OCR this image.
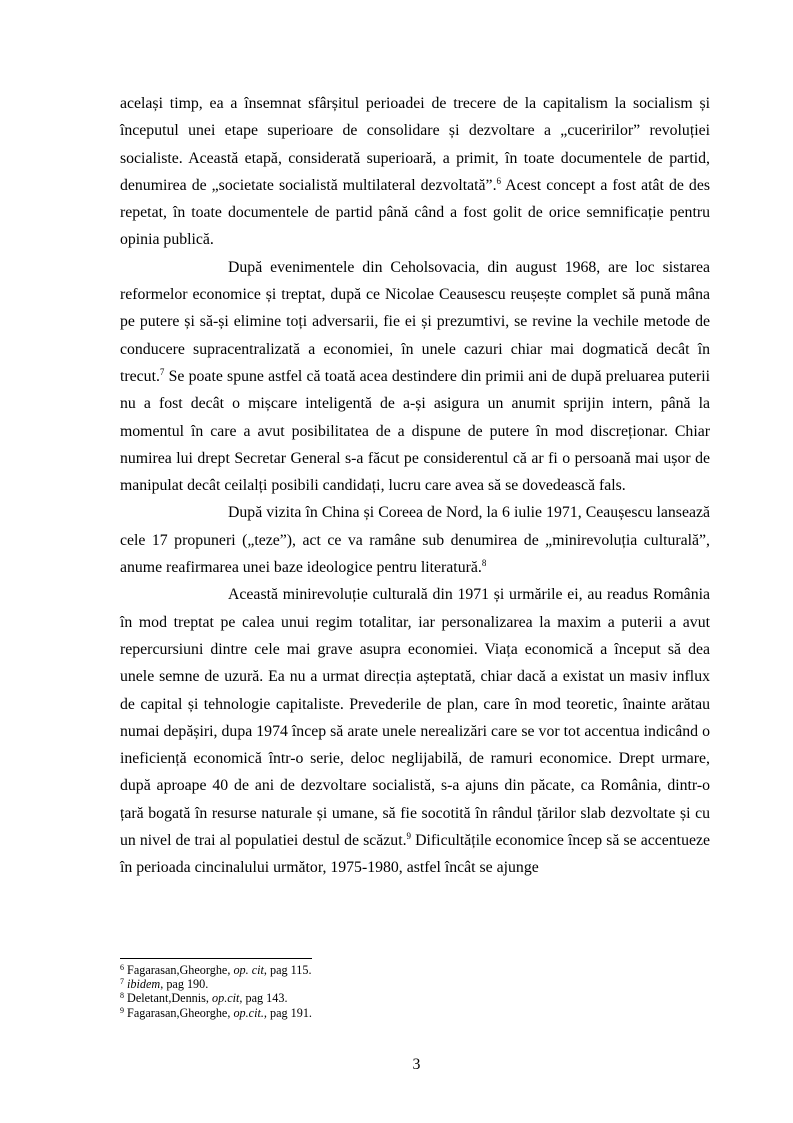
același timp, ea a însemnat sfârșitul perioadei de trecere de la capitalism la socialism și începutul unei etape superioare de consolidare și dezvoltare a „cuceririlor” revoluției socialiste. Această etapă, considerată superioară, a primit, în toate documentele de partid, denumirea de „societate socialistă multilateral dezvoltată”.$^6$ Acest concept a fost atât de des repetat, în toate documentele de partid până când a fost golit de orice semnificație pentru opinia publică.

După evenimentele din Ceholsovacia, din august 1968, are loc sistarea reformelor economice și treptat, după ce Nicolae Ceausescu reușește complet să pună mâna pe putere și să-și elimine toți adversarii, fie ei și prezumtivi, se revine la vechile metode de conducere supracentralizată a economiei, în unele cazuri chiar mai dogmatică decât în trecut.$^7$ Se poate spune astfel că toată acea destindere din primii ani de după preluarea puterii nu a fost decât o mișcare inteligentă de a-și asigura un anumit sprijin intern, până la momentul în care a avut posibilitatea de a dispune de putere în mod discreționar. Chiar numirea lui drept Secretar General s-a făcut pe considerentul că ar fi o persoană mai ușor de manipulat decât ceilalți posibili candidați, lucru care avea să se dovedească fals.

După vizita în China și Coreea de Nord, la 6 iulie 1971, Ceaușescu lansează cele 17 propuneri („teze”), act ce va ramâne sub denumirea de „minirevoluția culturală”, anume reafirmarea unei baze ideologice pentru literatură.$^8$

Această minirevoluție culturală din 1971 și urmările ei, au readus România în mod treptat pe calea unui regim totalitar, iar personalizarea la maxim a puterii a avut repercursiuni dintre cele mai grave asupra economiei. Viața economică a început să dea unele semne de uzură. Ea nu a urmat direcția așteptată, chiar dacă a existat un masiv influx de capital și tehnologie capitaliste. Prevederile de plan, care în mod teoretic, înainte arătau numai depășiri, dupa 1974 încep să arate unele nerealizări care se vor tot accentua indicând o ineficiență economică într-o serie, deloc neglijabilă, de ramuri economice. Drept urmare, după aproape 40 de ani de dezvoltare socialistă, s-a ajuns din păcate, ca România, dintr-o țară bogată în resurse naturale și umane, să fie socotită în rândul țărilor slab dezvoltate și cu un nivel de trai al populatiei destul de scăzut.$^9$ Dificultățile economice încep să se accentueze în perioada cincinalului următor, 1975-1980, astfel încât se ajunge

$^6$ Fagarasan,Gheorghe, op. cit, pag 115.

$^7$ ibidem, pag 190.

$^8$ Deletant,Dennis, op.cit, pag 143.

$^9$ Fagarasan,Gheorghe, op.cit., pag 191.

3
